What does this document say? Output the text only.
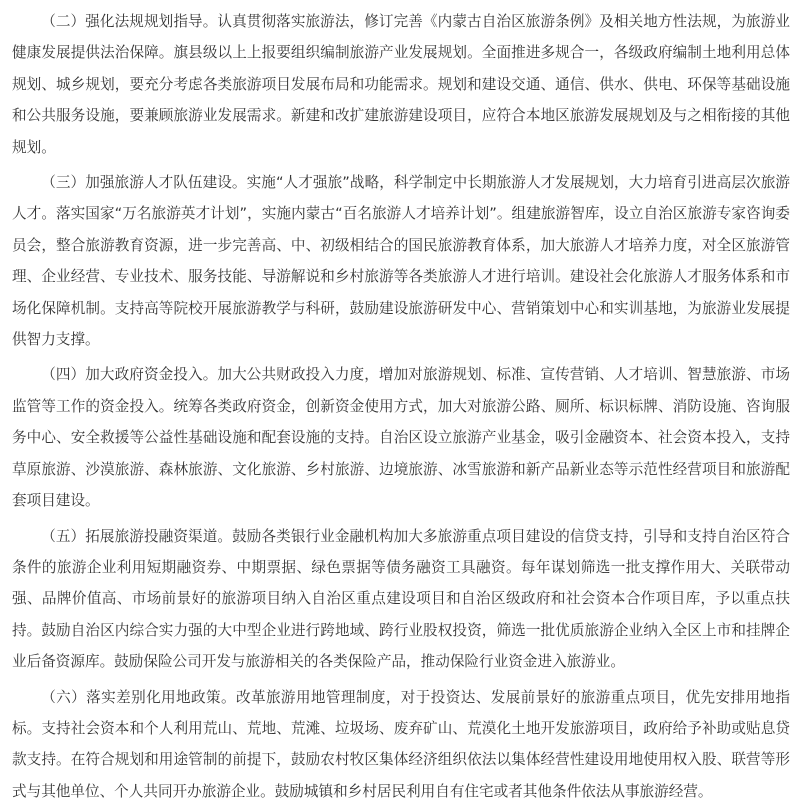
（二）强化法规规划指导。认真贯彻落实旅游法，修订完善《内蒙古自治区旅游条例》及相关地方性法规，为旅游业健康发展提供法治保障。旗县级以上上报要组织编制旅游产业发展规划。全面推进多规合一，各级政府编制土地利用总体规划、城乡规划，要充分考虑各类旅游项目发展布局和功能需求。规划和建设交通、通信、供水、供电、环保等基础设施和公共服务设施，要兼顾旅游业发展需求。新建和改扩建旅游建设项目，应符合本地区旅游发展规划及与之相衔接的其他规划。

（三）加强旅游人才队伍建设。实施“人才强旅”战略，科学制定中长期旅游人才发展规划，大力培育引进高层次旅游人才。落实国家“万名旅游英才计划”，实施内蒙古“百名旅游人才培养计划”。组建旅游智库，设立自治区旅游专家咨询委员会，整合旅游教育资源，进一步完善高、中、初级相结合的国民旅游教育体系，加大旅游人才培养力度，对全区旅游管理、企业经营、专业技术、服务技能、导游解说和乡村旅游等各类旅游人才进行培训。建设社会化旅游人才服务体系和市场化保障机制。支持高等院校开展旅游教学与科研，鼓励建设旅游研发中心、营销策划中心和实训基地，为旅游业发展提供智力支撑。

（四）加大政府资金投入。加大公共财政投入力度，增加对旅游规划、标准、宣传营销、人才培训、智慧旅游、市场监管等工作的资金投入。统筹各类政府资金，创新资金使用方式，加大对旅游公路、厕所、标识标牌、消防设施、咨询服务中心、安全救援等公益性基础设施和配套设施的支持。自治区设立旅游产业基金，吸引金融资本、社会资本投入，支持草原旅游、沙漠旅游、森林旅游、文化旅游、乡村旅游、边境旅游、冰雪旅游和新产品新业态等示范性经营项目和旅游配套项目建设。

（五）拓展旅游投融资渠道。鼓励各类银行业金融机构加大多旅游重点项目建设的信贷支持，引导和支持自治区符合条件的旅游企业利用短期融资券、中期票据、绿色票据等债务融资工具融资。每年谋划筛选一批支撑作用大、关联带动强、品牌价值高、市场前景好的旅游项目纳入自治区重点建设项目和自治区级政府和社会资本合作项目库，予以重点扶持。鼓励自治区内综合实力强的大中型企业进行跨地域、跨行业股权投资，筛选一批优质旅游企业纳入全区上市和挂牌企业后备资源库。鼓励保险公司开发与旅游相关的各类保险产品，推动保险行业资金进入旅游业。

（六）落实差别化用地政策。改革旅游用地管理制度，对于投资达、发展前景好的旅游重点项目，优先安排用地指标。支持社会资本和个人利用荒山、荒地、荒滩、垃圾场、废弃矿山、荒漠化土地开发旅游项目，政府给予补助或贴息贷款支持。在符合规划和用途管制的前提下，鼓励农村牧区集体经济组织依法以集体经营性建设用地使用权入股、联营等形式与其他单位、个人共同开办旅游企业。鼓励城镇和乡村居民利用自有住宅或者其他条件依法从事旅游经营。
